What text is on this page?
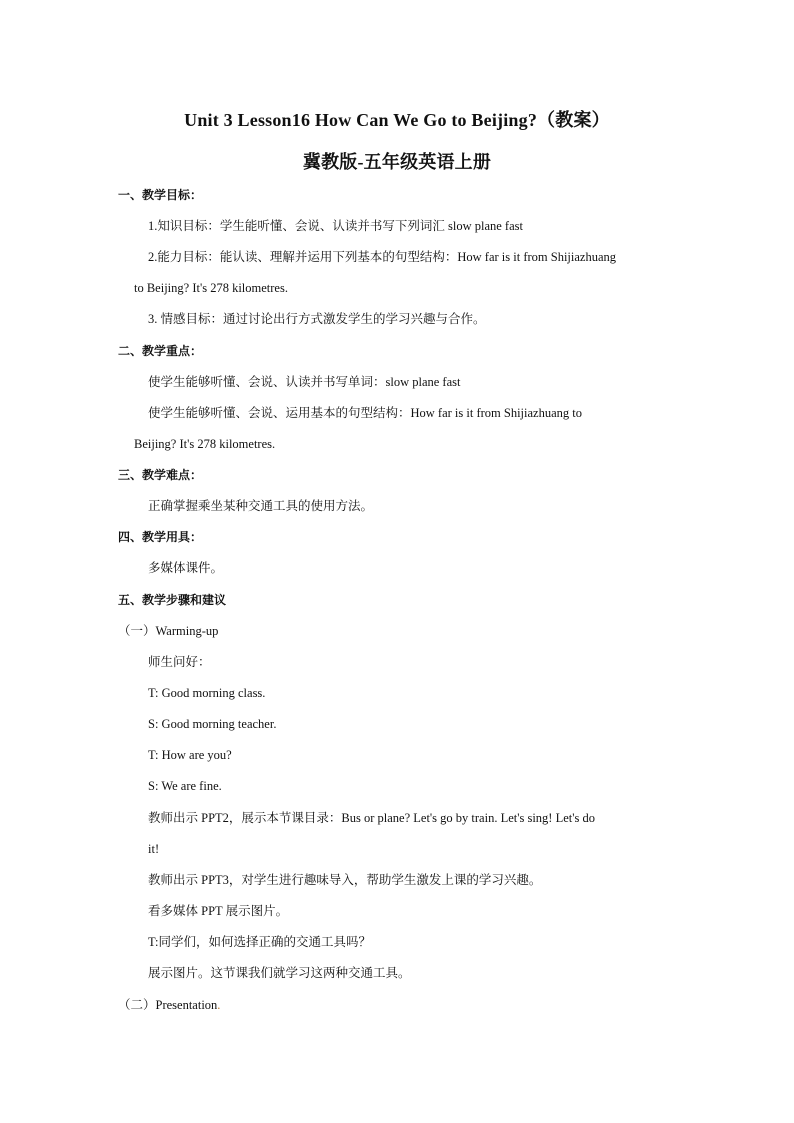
Unit 3 Lesson16 How Can We Go to Beijing?（教案）
冀教版-五年级英语上册
一、教学目标：
1.知识目标：学生能听懂、会说、认读并书写下列词汇 slow plane fast
2.能力目标：能认读、理解并运用下列基本的句型结构：How far is it from Shijiazhuang
to Beijing? It's 278 kilometres.
3. 情感目标：通过讨论出行方式激发学生的学习兴趣与合作。
二、教学重点：
使学生能够听懂、会说、认读并书写单词：slow plane fast
使学生能够听懂、会说、运用基本的句型结构：How far is it from Shijiazhuang to
Beijing? It's 278 kilometres.
三、教学难点：
正确掌握乘坐某种交通工具的使用方法。
四、教学用具：
多媒体课件。
五、教学步骤和建议
（一）Warming-up
师生问好：
T: Good morning class.
S: Good morning teacher.
T: How are you?
S: We are fine.
教师出示 PPT2，展示本节课目录：Bus or plane? Let's go by train. Let's sing! Let's do
it!
教师出示 PPT3，对学生进行趣味导入，帮助学生激发上课的学习兴趣。
看多媒体 PPT 展示图片。
T:同学们，如何选择正确的交通工具吗？
展示图片。这节课我们就学习这两种交通工具。
（二）Presentation.
